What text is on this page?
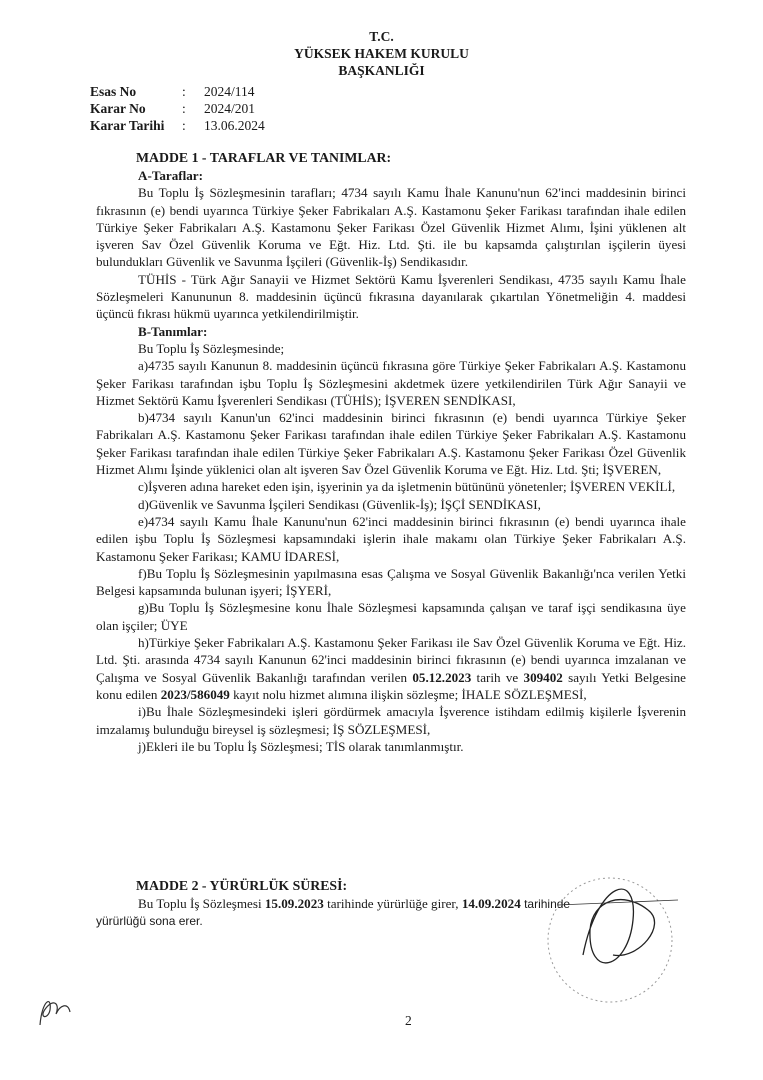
T.C.
YÜKSEK HAKEM KURULU
BAŞKANLIĞI
Esas No	:	2024/114
Karar No	:	2024/201
Karar Tarihi	:	13.06.2024
MADDE 1 - TARAFLAR VE TANIMLAR:

A-Taraflar:

Bu Toplu İş Sözleşmesinin tarafları; 4734 sayılı Kamu İhale Kanunu'nun 62'inci maddesinin birinci fıkrasının (e) bendi uyarınca Türkiye Şeker Fabrikaları A.Ş. Kastamonu Şeker Farikası tarafından ihale edilen Türkiye Şeker Fabrikaları A.Ş. Kastamonu Şeker Farikası Özel Güvenlik Hizmet Alımı, İşini yüklenen alt işveren Sav Özel Güvenlik Koruma ve Eğt. Hiz. Ltd. Şti. ile bu kapsamda çalıştırılan işçilerin üyesi bulundukları Güvenlik ve Savunma İşçileri (Güvenlik-İş) Sendikasıdır.

TÜHİS - Türk Ağır Sanayii ve Hizmet Sektörü Kamu İşverenleri Sendikası, 4735 sayılı Kamu İhale Sözleşmeleri Kanununun 8. maddesinin üçüncü fıkrasına dayanılarak çıkartılan Yönetmeliğin 4. maddesi üçüncü fıkrası hükmü uyarınca yetkilendirilmiştir.

B-Tanımlar:

Bu Toplu İş Sözleşmesinde;

a)4735 sayılı Kanunun 8. maddesinin üçüncü fıkrasına göre Türkiye Şeker Fabrikaları A.Ş. Kastamonu Şeker Farikası tarafından işbu Toplu İş Sözleşmesini akdetmek üzere yetkilendirilen Türk Ağır Sanayii ve Hizmet Sektörü Kamu İşverenleri Sendikası (TÜHİS); İŞVEREN SENDİKASI,

b)4734 sayılı Kanun'un 62'inci maddesinin birinci fıkrasının (e) bendi uyarınca Türkiye Şeker Fabrikaları A.Ş. Kastamonu Şeker Farikası tarafından ihale edilen Türkiye Şeker Fabrikaları A.Ş. Kastamonu Şeker Farikası tarafından ihale edilen Türkiye Şeker Fabrikaları A.Ş. Kastamonu Şeker Farikası Özel Güvenlik Hizmet Alımı İşinde yüklenici olan alt işveren Sav Özel Güvenlik Koruma ve Eğt. Hiz. Ltd. Şti; İŞVEREN,

c)İşveren adına hareket eden işin, işyerinin ya da işletmenin bütününü yönetenler; İŞVEREN VEKİLİ,

d)Güvenlik ve Savunma İşçileri Sendikası (Güvenlik-İş); İŞÇİ SENDİKASI,

e)4734 sayılı Kamu İhale Kanunu'nun 62'inci maddesinin birinci fıkrasının (e) bendi uyarınca ihale edilen işbu Toplu İş Sözleşmesi kapsamındaki işlerin ihale makamı olan Türkiye Şeker Fabrikaları A.Ş. Kastamonu Şeker Farikası; KAMU İDARESİ,

f)Bu Toplu İş Sözleşmesinin yapılmasına esas Çalışma ve Sosyal Güvenlik Bakanlığı'nca verilen Yetki Belgesi kapsamında bulunan işyeri; İŞYERİ,

g)Bu Toplu İş Sözleşmesine konu İhale Sözleşmesi kapsamında çalışan ve taraf işçi sendikasına üye olan işçiler; ÜYE

h)Türkiye Şeker Fabrikaları A.Ş. Kastamonu Şeker Farikası ile Sav Özel Güvenlik Koruma ve Eğt. Hiz. Ltd. Şti. arasında 4734 sayılı Kanunun 62'inci maddesinin birinci fıkrasının (e) bendi uyarınca imzalanan ve Çalışma ve Sosyal Güvenlik Bakanlığı tarafından verilen 05.12.2023 tarih ve 309402 sayılı Yetki Belgesine konu edilen 2023/586049 kayıt nolu hizmet alımına ilişkin sözleşme; İHALE SÖZLEŞMESİ,

i)Bu İhale Sözleşmesindeki işleri gördürmek amacıyla İşverence istihdam edilmiş kişilerle İşverenin imzalamış bulunduğu bireysel iş sözleşmesi; İŞ SÖZLEŞMESİ,

j)Ekleri ile bu Toplu İş Sözleşmesi; TİS olarak tanımlanmıştır.

MADDE 2 - YÜRÜRLÜK SÜRESİ:

Bu Toplu İş Sözleşmesi 15.09.2023 tarihinde yürürlüğe girer, 14.09.2024 tarihinde

yürürlüğü sona erer.

2
